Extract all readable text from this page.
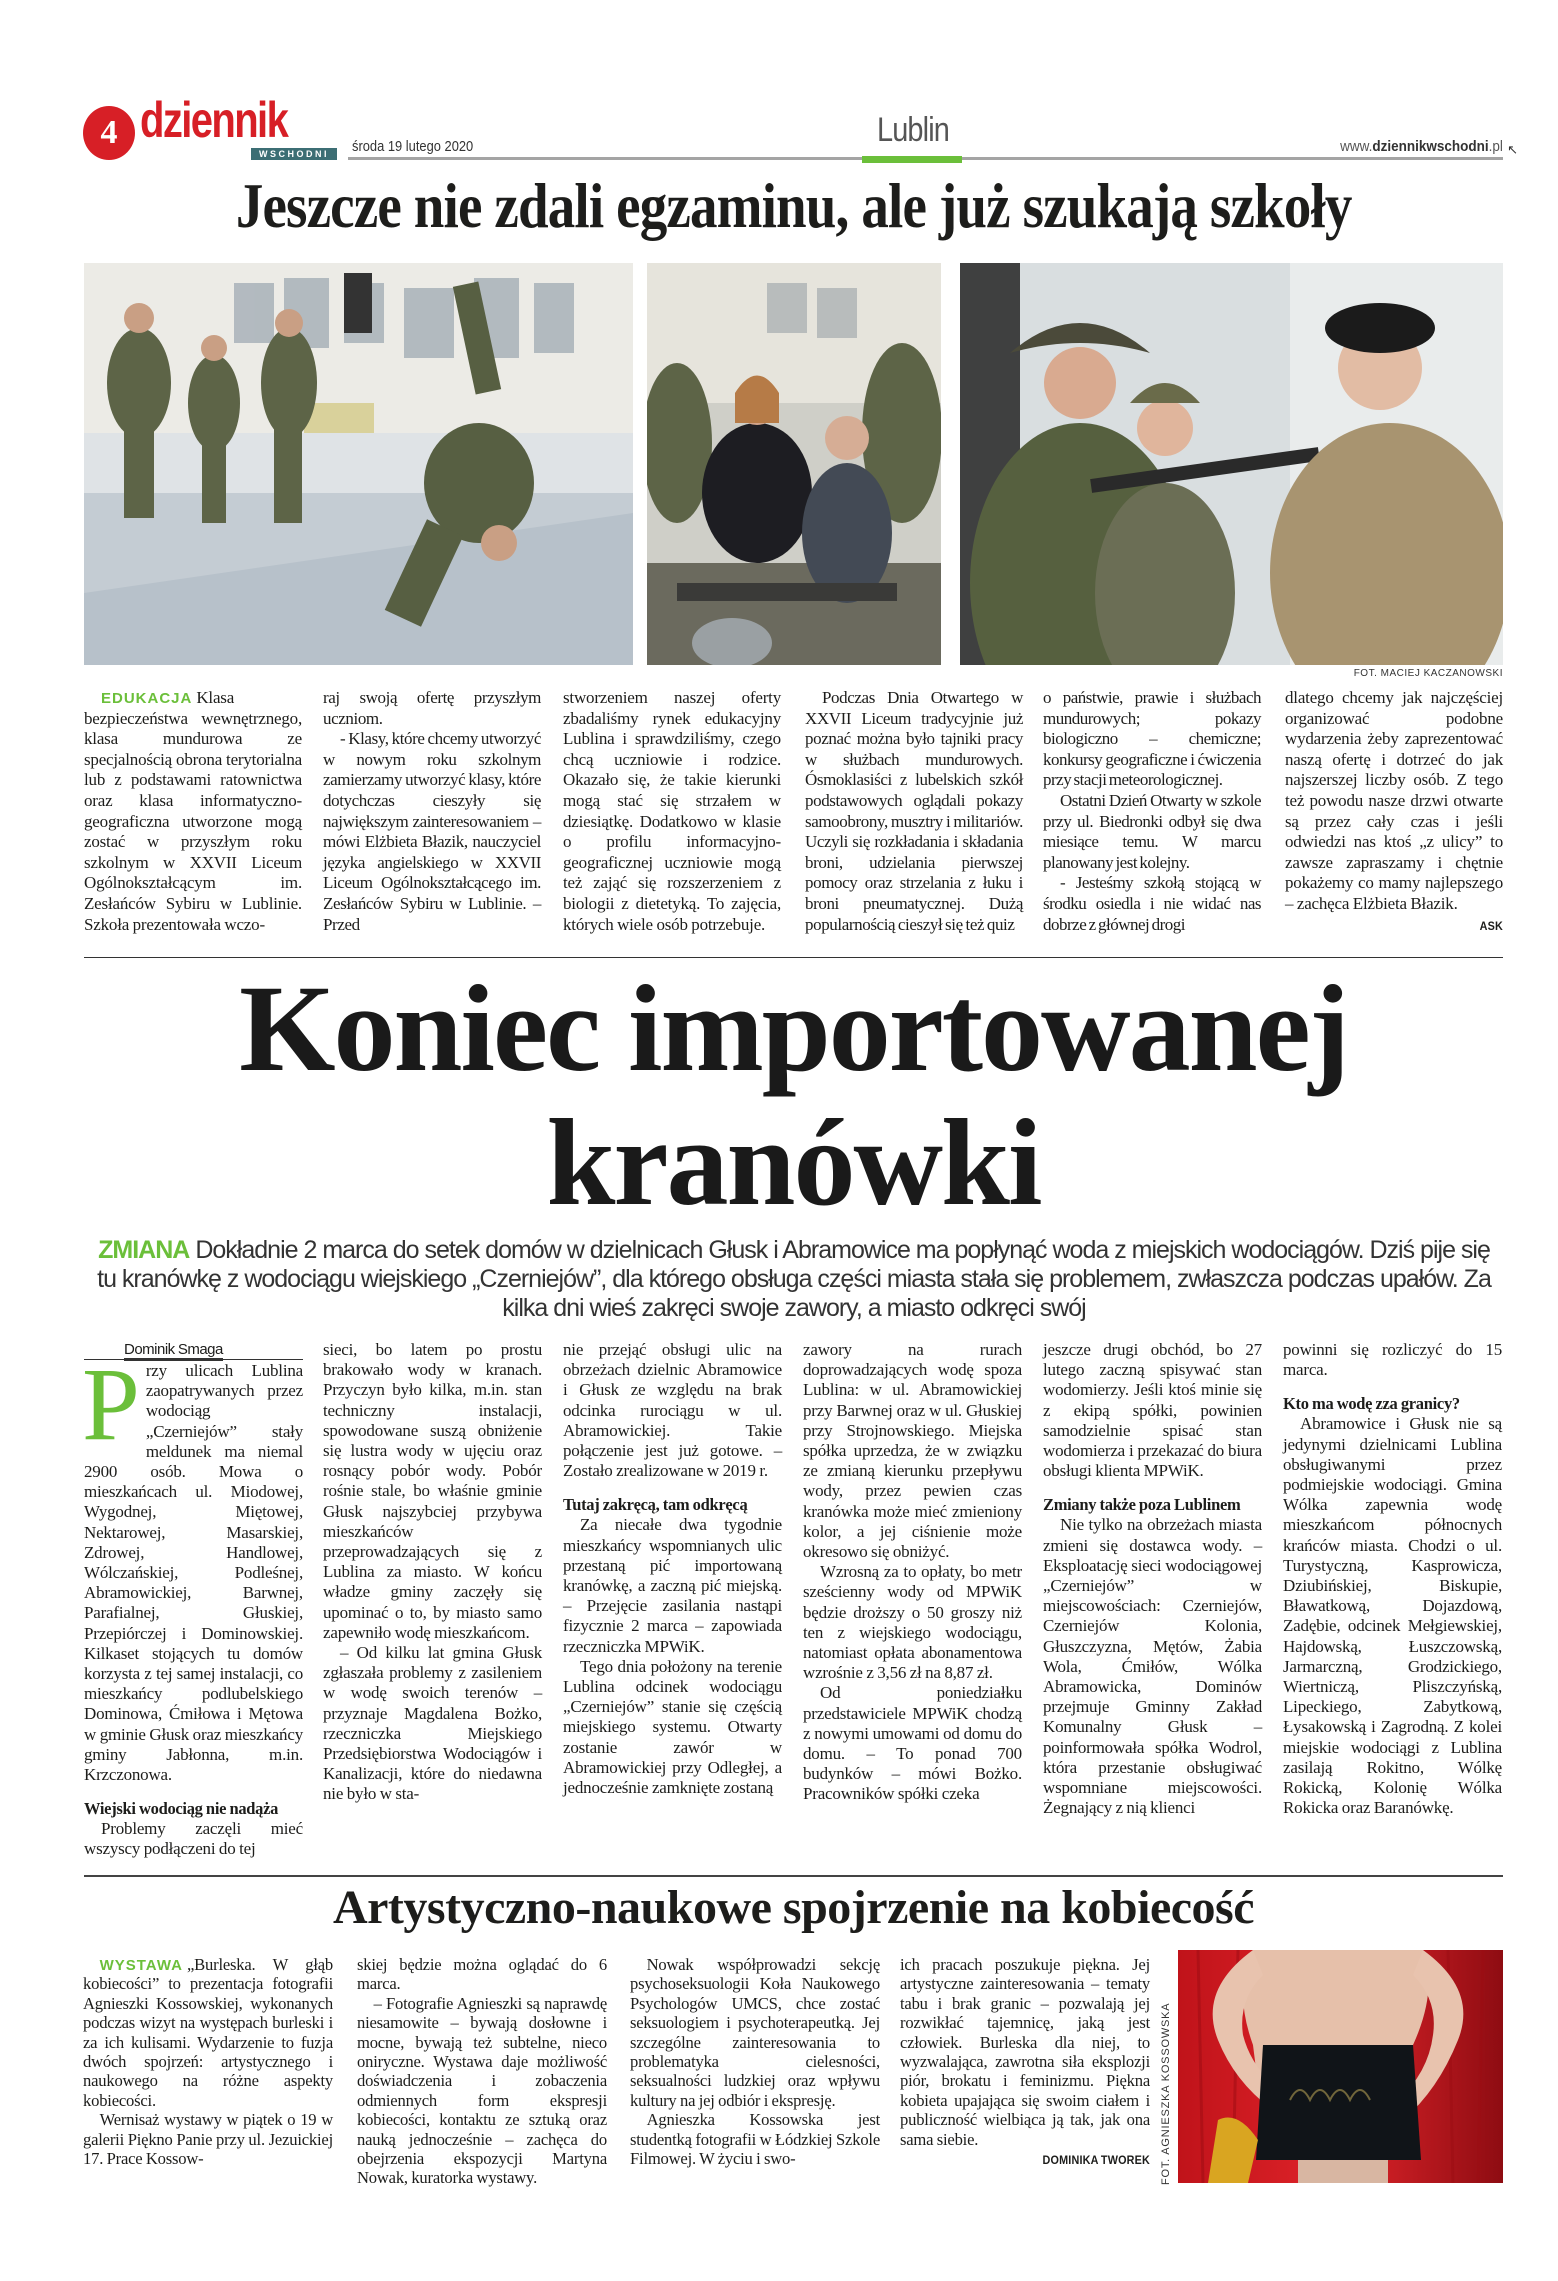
4 dziennik
WSCHODNI	środa 19 lutego 2020	Lublin	www.dziennikwschodni.pl ↖
Jeszcze nie zdali egzaminu, ale już szukają szkoły
FOT. MACIEJ KACZANOWSKI

EDUKACJA Klasa bezpieczeństwa wewnętrznego, klasa mundurowa ze specjalnością obrona terytorialna lub z podstawami ratownictwa oraz klasa informatyczno-geograficzna utworzone mogą zostać w przyszłym roku szkolnym w XXVII Liceum Ogólnokształcącym im. Zesłańców Sybiru w Lublinie. Szkoła prezentowała wczo-

raj swoją ofertę przyszłym uczniom.

- Klasy, które chcemy utworzyć w nowym roku szkolnym zamierzamy utworzyć klasy, które dotychczas cieszyły się największym zainteresowaniem – mówi Elżbieta Błazik, nauczyciel języka angielskiego w XXVII Liceum Ogólnokształcącego im. Zesłańców Sybiru w Lublinie. – Przed

stworzeniem naszej oferty zbadaliśmy rynek edukacyjny Lublina i sprawdziliśmy, czego chcą uczniowie i rodzice. Okazało się, że takie kierunki mogą stać się strzałem w dziesiątkę. Dodatkowo w klasie o profilu informacyjno-geograficznej uczniowie mogą też zająć się rozszerzeniem z biologii z dietetyką. To zajęcia, których wiele osób potrzebuje.

Podczas Dnia Otwartego w XXVII Liceum tradycyjnie już poznać można było tajniki pracy w służbach mundurowych. Ósmoklasiści z lubelskich szkół podstawowych oglądali pokazy samoobrony, musztry i militariów. Uczyli się rozkładania i składania broni, udzielania pierwszej pomocy oraz strzelania z łuku i broni pneumatycznej. Dużą popularnością cieszył się też quiz

o państwie, prawie i służbach mundurowych; pokazy biologiczno – chemiczne; konkursy geograficzne i ćwiczenia przy stacji meteorologicznej.

Ostatni Dzień Otwarty w szkole przy ul. Biedronki odbył się dwa miesiące temu. W marcu planowany jest kolejny.

- Jesteśmy szkołą stojącą w środku osiedla i nie widać nas dobrze z głównej drogi

dlatego chcemy jak najczęściej organizować podobne wydarzenia żeby zaprezentować naszą ofertę i dotrzeć do jak najszerszej liczby osób. Z tego też powodu nasze drzwi otwarte są przez cały czas i jeśli odwiedzi nas ktoś „z ulicy” to zawsze zapraszamy i chętnie pokażemy co mamy najlepszego – zachęca Elżbieta Błazik.

ASK
Koniec importowanej
kranówki
ZMIANA Dokładnie 2 marca do setek domów w dzielnicach Głusk i Abramowice ma popłynąć woda z miejskich wodociągów. Dziś pije się tu kranówkę z wodociągu wiejskiego „Czerniejów”, dla którego obsługa części miasta stała się problemem, zwłaszcza podczas upałów. Za kilka dni wieś zakręci swoje zawory, a miasto odkręci swój
Dominik Smaga

Przy ulicach Lublina zaopatrywanych przez wodociąg „Czerniejów” stały meldunek ma niemal 2900 osób. Mowa o mieszkańcach ul. Miodowej, Wygodnej, Miętowej, Nektarowej, Masarskiej, Zdrowej, Handlowej, Wólczańskiej, Podleśnej, Abramowickiej, Barwnej, Parafialnej, Głuskiej, Przepiórczej i Dominowskiej. Kilkaset stojących tu domów korzysta z tej samej instalacji, co mieszkańcy podlubelskiego Dominowa, Ćmiłowa i Mętowa w gminie Głusk oraz mieszkańcy gminy Jabłonna, m.in. Krzczonowa.

Wiejski wodociąg nie nadąża

Problemy zaczęli mieć wszyscy podłączeni do tej

sieci, bo latem po prostu brakowało wody w kranach. Przyczyn było kilka, m.in. stan techniczny instalacji, spowodowane suszą obniżenie się lustra wody w ujęciu oraz rosnący pobór wody. Pobór rośnie stale, bo właśnie gminie Głusk najszybciej przybywa mieszkańców przeprowadzających się z Lublina za miasto. W końcu władze gminy zaczęły się upominać o to, by miasto samo zapewniło wodę mieszkańcom.

– Od kilku lat gmina Głusk zgłaszała problemy z zasileniem w wodę swoich terenów – przyznaje Magdalena Bożko, rzeczniczka Miejskiego Przedsiębiorstwa Wodociągów i Kanalizacji, które do niedawna nie było w sta-

nie przejąć obsługi ulic na obrzeżach dzielnic Abramowice i Głusk ze względu na brak odcinka rurociągu w ul. Abramowickiej. Takie połączenie jest już gotowe. – Zostało zrealizowane w 2019 r.

Tutaj zakręcą, tam odkręcą

Za niecałe dwa tygodnie mieszkańcy wspomnianych ulic przestaną pić importowaną kranówkę, a zaczną pić miejską. – Przejęcie zasilania nastąpi fizycznie 2 marca – zapowiada rzeczniczka MPWiK.

Tego dnia położony na terenie Lublina odcinek wodociągu „Czerniejów” stanie się częścią miejskiego systemu. Otwarty zostanie zawór w Abramowickiej przy Odległej, a jednocześnie zamknięte zostaną

zawory na rurach doprowadzających wodę spoza Lublina: w ul. Abramowickiej przy Barwnej oraz w ul. Głuskiej przy Strojnowskiego. Miejska spółka uprzedza, że w związku ze zmianą kierunku przepływu wody, przez pewien czas kranówka może mieć zmieniony kolor, a jej ciśnienie może okresowo się obniżyć.

Wzrosną za to opłaty, bo metr sześcienny wody od MPWiK będzie droższy o 50 groszy niż ten z wiejskiego wodociągu, natomiast opłata abonamentowa wzrośnie z 3,56 zł na 8,87 zł.

Od poniedziałku przedstawiciele MPWiK chodzą z nowymi umowami od domu do domu. – To ponad 700 budynków – mówi Bożko. Pracowników spółki czeka

jeszcze drugi obchód, bo 27 lutego zaczną spisywać stan wodomierzy. Jeśli ktoś minie się z ekipą spółki, powinien samodzielnie spisać stan wodomierza i przekazać do biura obsługi klienta MPWiK.

Zmiany także poza Lublinem

Nie tylko na obrzeżach miasta zmieni się dostawca wody. – Eksploatację sieci wodociągowej „Czerniejów” w miejscowościach: Czerniejów, Czerniejów Kolonia, Głuszczyzna, Mętów, Żabia Wola, Ćmiłów, Wólka Abramowicka, Dominów przejmuje Gminny Zakład Komunalny Głusk – poinformowała spółka Wodrol, która przestanie obsługiwać wspomniane miejscowości. Żegnający z nią klienci

powinni się rozliczyć do 15 marca.

Kto ma wodę zza granicy?

Abramowice i Głusk nie są jedynymi dzielnicami Lublina obsługiwanymi przez podmiejskie wodociągi. Gmina Wólka zapewnia wodę mieszkańcom północnych krańców miasta. Chodzi o ul. Turystyczną, Kasprowicza, Dziubińskiej, Biskupie, Bławatkową, Dojazdową, Zadębie, odcinek Mełgiewskiej, Hajdowską, Łuszczowską, Jarmarczną, Grodzickiego, Wiertniczą, Pliszczyńską, Lipeckiego, Zabytkową, Łysakowską i Zagrodną. Z kolei miejskie wodociągi z Lublina zasilają Rokitno, Wólkę Rokicką, Kolonię Wólka Rokicka oraz Baranówkę.

Artystyczno-naukowe spojrzenie na kobiecość

WYSTAWA „Burleska. W głąb kobiecości” to prezentacja fotografii Agnieszki Kossowskiej, wykonanych podczas wizyt na występach burleski i za ich kulisami. Wydarzenie to fuzja dwóch spojrzeń: artystycznego i naukowego na różne aspekty kobiecości.

Wernisaż wystawy w piątek o 19 w galerii Piękno Panie przy ul. Jezuickiej 17. Prace Kossow-

skiej będzie można oglądać do 6 marca.

– Fotografie Agnieszki są naprawdę niesamowite – bywają dosłowne i mocne, bywają też subtelne, nieco oniryczne. Wystawa daje możliwość doświadczenia i zobaczenia odmiennych form ekspresji kobiecości, kontaktu ze sztuką oraz nauką jednocześnie – zachęca do obejrzenia ekspozycji Martyna Nowak, kuratorka wystawy.

Nowak współprowadzi sekcję psychoseksuologii Koła Naukowego Psychologów UMCS, chce zostać seksuologiem i psychoterapeutką. Jej szczególne zainteresowania to problematyka cielesności, seksualności ludzkiej oraz wpływu kultury na jej odbiór i ekspresję.

Agnieszka Kossowska jest studentką fotografii w Łódzkiej Szkole Filmowej. W życiu i swo-

ich pracach poszukuje piękna. Jej artystyczne zainteresowania – tematy tabu i brak granic – pozwalają jej rozwikłać tajemnicę, jaką jest człowiek. Burleska dla niej, to wyzwalająca, zawrotna siła eksplozji piór, brokatu i feminizmu. Piękna kobieta upajająca się swoim ciałem i publiczność wielbiąca ją tak, jak ona sama siebie.

DOMINIKA TWOREK FOT. AGNIESZKA KOSSOWSKA
